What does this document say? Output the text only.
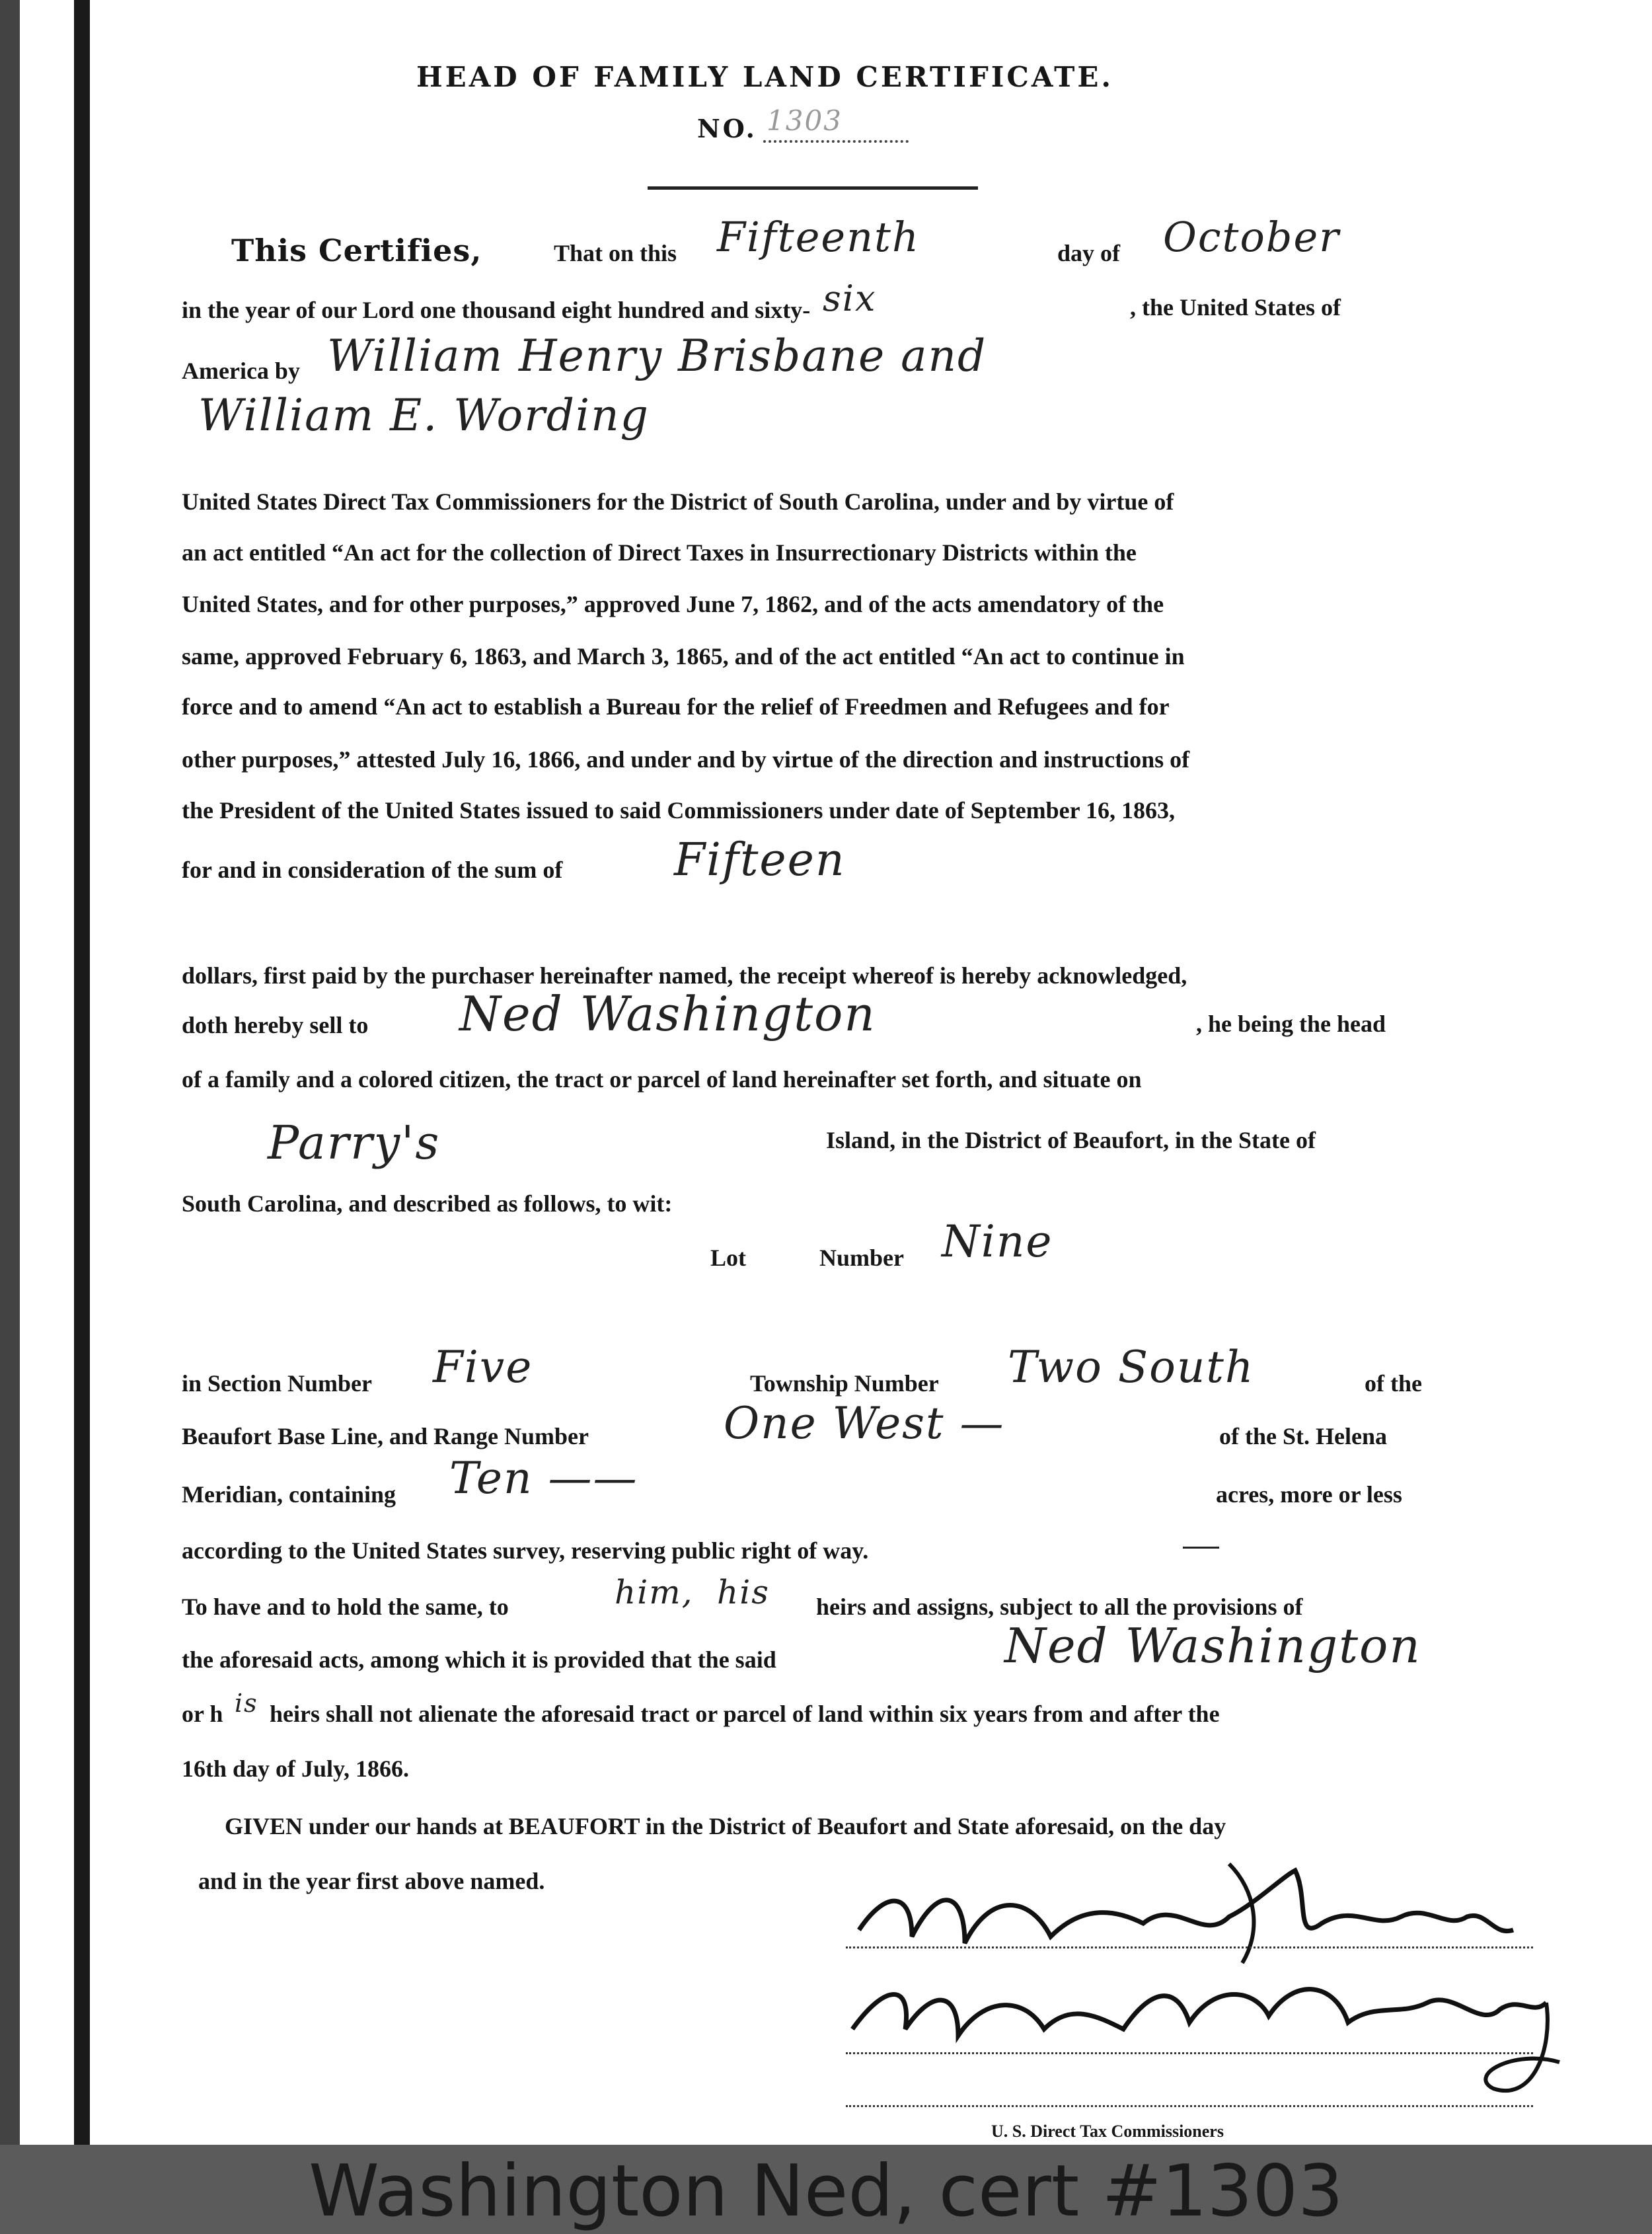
HEAD OF FAMILY LAND CERTIFICATE.
NO. 1303
This Certifies,	That on this Fifteenth	day of October
in the year of our Lord one thousand eight hundred and sixty- six	, the United States of
America by William Henry Brisbane and
William E. Wording
United States Direct Tax Commissioners for the District of South Carolina, under and by virtue of
an act entitled “An act for the collection of Direct Taxes in Insurrectionary Districts within the
United States, and for other purposes,” approved June 7, 1862, and of the acts amendatory of the
same, approved February 6, 1863, and March 3, 1865, and of the act entitled “An act to continue in
force and to amend “An act to establish a Bureau for the relief of Freedmen and Refugees and for
other purposes,” attested July 16, 1866, and under and by virtue of the direction and instructions of
the President of the United States issued to said Commissioners under date of September 16, 1863,
for and in consideration of the sum of Fifteen
dollars, first paid by the purchaser hereinafter named, the receipt whereof is hereby acknowledged,
doth hereby sell to Ned Washington	, he being the head
of a family and a colored citizen, the tract or parcel of land hereinafter set forth, and situate on
Parry's	Island, in the District of Beaufort, in the State of
South Carolina, and described as follows, to wit:
Lot	Number Nine
in Section Number Five	Township Number Two South	of the
Beaufort Base Line, and Range Number	One West —	of the St. Helena
Meridian, containing Ten ——	acres, more or less
according to the United States survey, reserving public right of way.
To have and to hold the same, to	him, his heirs and assigns, subject to all the provisions of
the aforesaid acts, among which it is provided that the said	Ned Washington
or h is heirs shall not alienate the aforesaid tract or parcel of land within six years from and after the
16th day of July, 1866.
GIVEN under our hands at BEAUFORT in the District of Beaufort and State aforesaid, on the day
and in the year first above named.
U. S. Direct Tax Commissioners
Washington Ned, cert #1303
